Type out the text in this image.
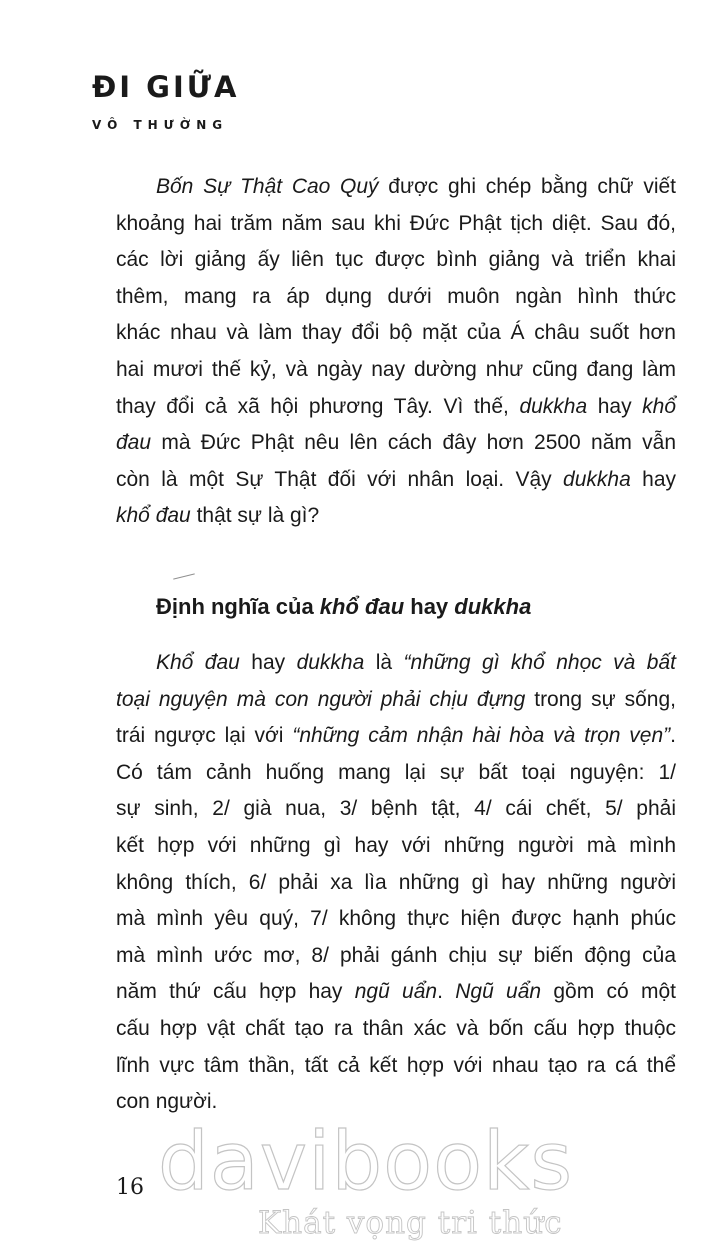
ĐI GIỮA
VÔ THƯỜNG
Bốn Sự Thật Cao Quý được ghi chép bằng chữ viết
khoảng hai trăm năm sau khi Đức Phật tịch diệt. Sau đó,
các lời giảng ấy liên tục được bình giảng và triển khai
thêm, mang ra áp dụng dưới muôn ngàn hình thức
khác nhau và làm thay đổi bộ mặt của Á châu suốt hơn
hai mươi thế kỷ, và ngày nay dường như cũng đang làm
thay đổi cả xã hội phương Tây. Vì thế, dukkha hay khổ
đau mà Đức Phật nêu lên cách đây hơn 2500 năm vẫn
còn là một Sự Thật đối với nhân loại. Vậy dukkha hay
khổ đau thật sự là gì?
Định nghĩa của khổ đau hay dukkha
Khổ đau hay dukkha là “những gì khổ nhọc và bất
toại nguyện mà con người phải chịu đựng trong sự sống,
trái ngược lại với “những cảm nhận hài hòa và trọn vẹn”.
Có tám cảnh huống mang lại sự bất toại nguyện: 1/
sự sinh, 2/ già nua, 3/ bệnh tật, 4/ cái chết, 5/ phải
kết hợp với những gì hay với những người mà mình
không thích, 6/ phải xa lìa những gì hay những người
mà mình yêu quý, 7/ không thực hiện được hạnh phúc
mà mình ước mơ, 8/ phải gánh chịu sự biến động của
năm thứ cấu hợp hay ngũ uẩn. Ngũ uẩn gồm có một
cấu hợp vật chất tạo ra thân xác và bốn cấu hợp thuộc
lĩnh vực tâm thần, tất cả kết hợp với nhau tạo ra cá thể
con người.
16 davibooks
Khát vọng tri thức
